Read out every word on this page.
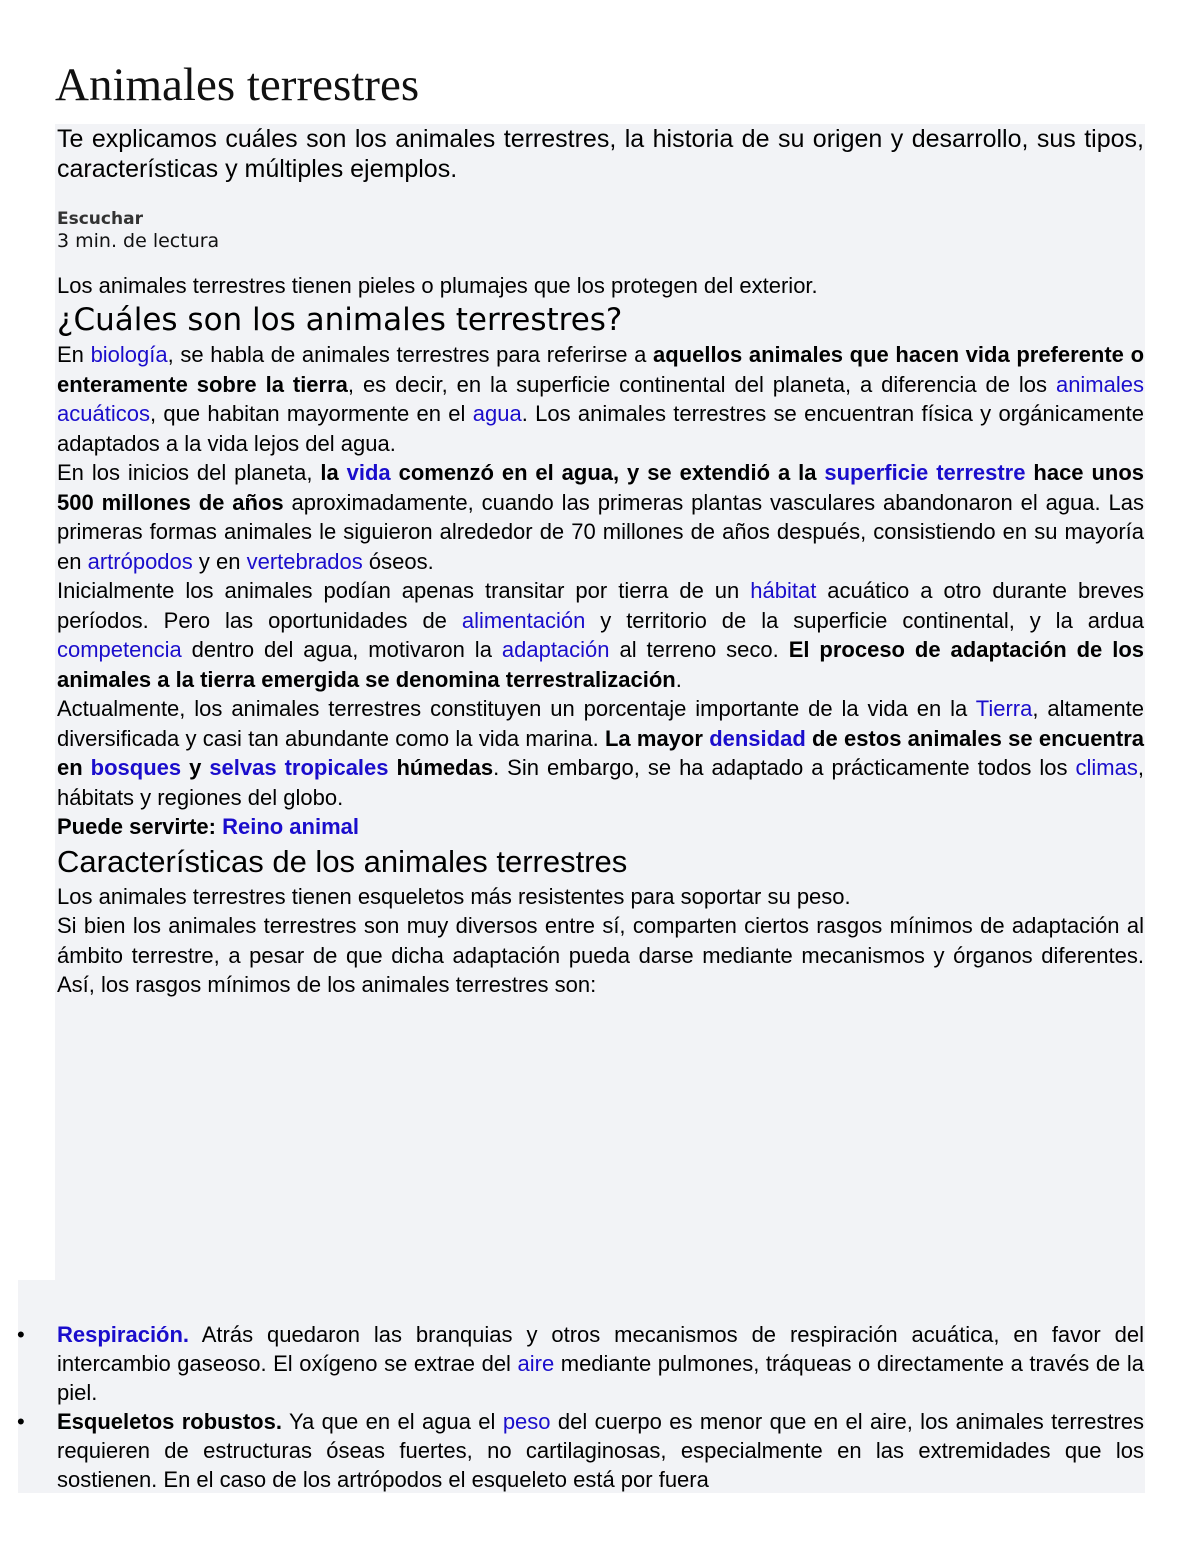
Animales terrestres

Te explicamos cuáles son los animales terrestres, la historia de su origen y desarrollo, sus tipos, características y múltiples ejemplos.

Escuchar
3 min. de lectura

Los animales terrestres tienen pieles o plumajes que los protegen del exterior.

¿Cuáles son los animales terrestres?

En biología, se habla de animales terrestres para referirse a aquellos animales que hacen vida preferente o enteramente sobre la tierra, es decir, en la superficie continental del planeta, a diferencia de los animales acuáticos, que habitan mayormente en el agua. Los animales terrestres se encuentran física y orgánicamente adaptados a la vida lejos del agua.

En los inicios del planeta, la vida comenzó en el agua, y se extendió a la superficie terrestre hace unos 500 millones de años aproximadamente, cuando las primeras plantas vasculares abandonaron el agua. Las primeras formas animales le siguieron alrededor de 70 millones de años después, consistiendo en su mayoría en artrópodos y en vertebrados óseos.

Inicialmente los animales podían apenas transitar por tierra de un hábitat acuático a otro durante breves períodos. Pero las oportunidades de alimentación y territorio de la superficie continental, y la ardua competencia dentro del agua, motivaron la adaptación al terreno seco. El proceso de adaptación de los animales a la tierra emergida se denomina terrestralización.

Actualmente, los animales terrestres constituyen un porcentaje importante de la vida en la Tierra, altamente diversificada y casi tan abundante como la vida marina. La mayor densidad de estos animales se encuentra en bosques y selvas tropicales húmedas. Sin embargo, se ha adaptado a prácticamente todos los climas, hábitats y regiones del globo.

Puede servirte: Reino animal

Características de los animales terrestres

Los animales terrestres tienen esqueletos más resistentes para soportar su peso.

Si bien los animales terrestres son muy diversos entre sí, comparten ciertos rasgos mínimos de adaptación al ámbito terrestre, a pesar de que dicha adaptación pueda darse mediante mecanismos y órganos diferentes. Así, los rasgos mínimos de los animales terrestres son:

• Respiración. Atrás quedaron las branquias y otros mecanismos de respiración acuática, en favor del intercambio gaseoso. El oxígeno se extrae del aire mediante pulmones, tráqueas o directamente a través de la piel.
• Esqueletos robustos. Ya que en el agua el peso del cuerpo es menor que en el aire, los animales terrestres requieren de estructuras óseas fuertes, no cartilaginosas, especialmente en las extremidades que los sostienen. En el caso de los artrópodos el esqueleto está por fuera
